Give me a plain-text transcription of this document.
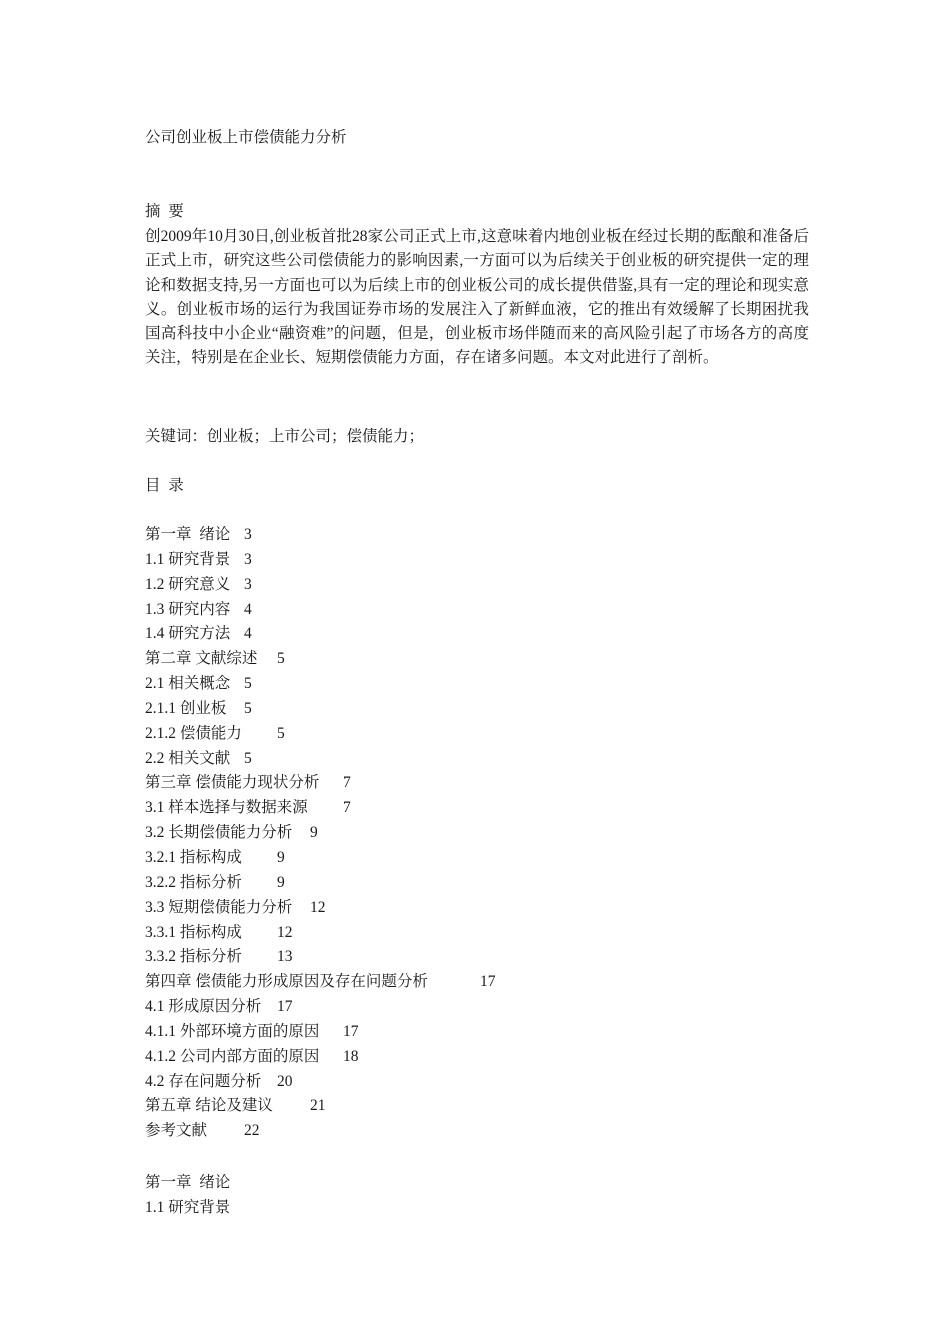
公司创业板上市偿债能力分析
摘  要
创2009年10月30日,创业板首批28家公司正式上市,这意味着内地创业板在经过长期的酝酿和准备后正式上市，研究这些公司偿债能力的影响因素,一方面可以为后续关于创业板的研究提供一定的理论和数据支持,另一方面也可以为后续上市的创业板公司的成长提供借鉴,具有一定的理论和现实意义。创业板市场的运行为我国证券市场的发展注入了新鲜血液，它的推出有效缓解了长期困扰我国高科技中小企业“融资难”的问题，但是，创业板市场伴随而来的高风险引起了市场各方的高度关注，特别是在企业长、短期偿债能力方面，存在诸多问题。本文对此进行了剖析。
关键词：创业板；上市公司；偿债能力；
目  录
第一章  绪论 3
1.1 研究背景 3
1.2 研究意义 3
1.3 研究内容 4
1.4 研究方法 4
第二章 文献综述 5
2.1 相关概念 5
2.1.1 创业板 5
2.1.2 偿债能力 5
2.2 相关文献 5
第三章 偿债能力现状分析 7
3.1 样本选择与数据来源 7
3.2 长期偿债能力分析 9
3.2.1 指标构成 9
3.2.2 指标分析 9
3.3 短期偿债能力分析 12
3.3.1 指标构成 12
3.3.2 指标分析 13
第四章 偿债能力形成原因及存在问题分析	17
4.1 形成原因分析 17
4.1.1 外部环境方面的原因 17
4.1.2 公司内部方面的原因 18
4.2 存在问题分析 20
第五章 结论及建议 21
参考文献 22
第一章  绪论
1.1 研究背景
